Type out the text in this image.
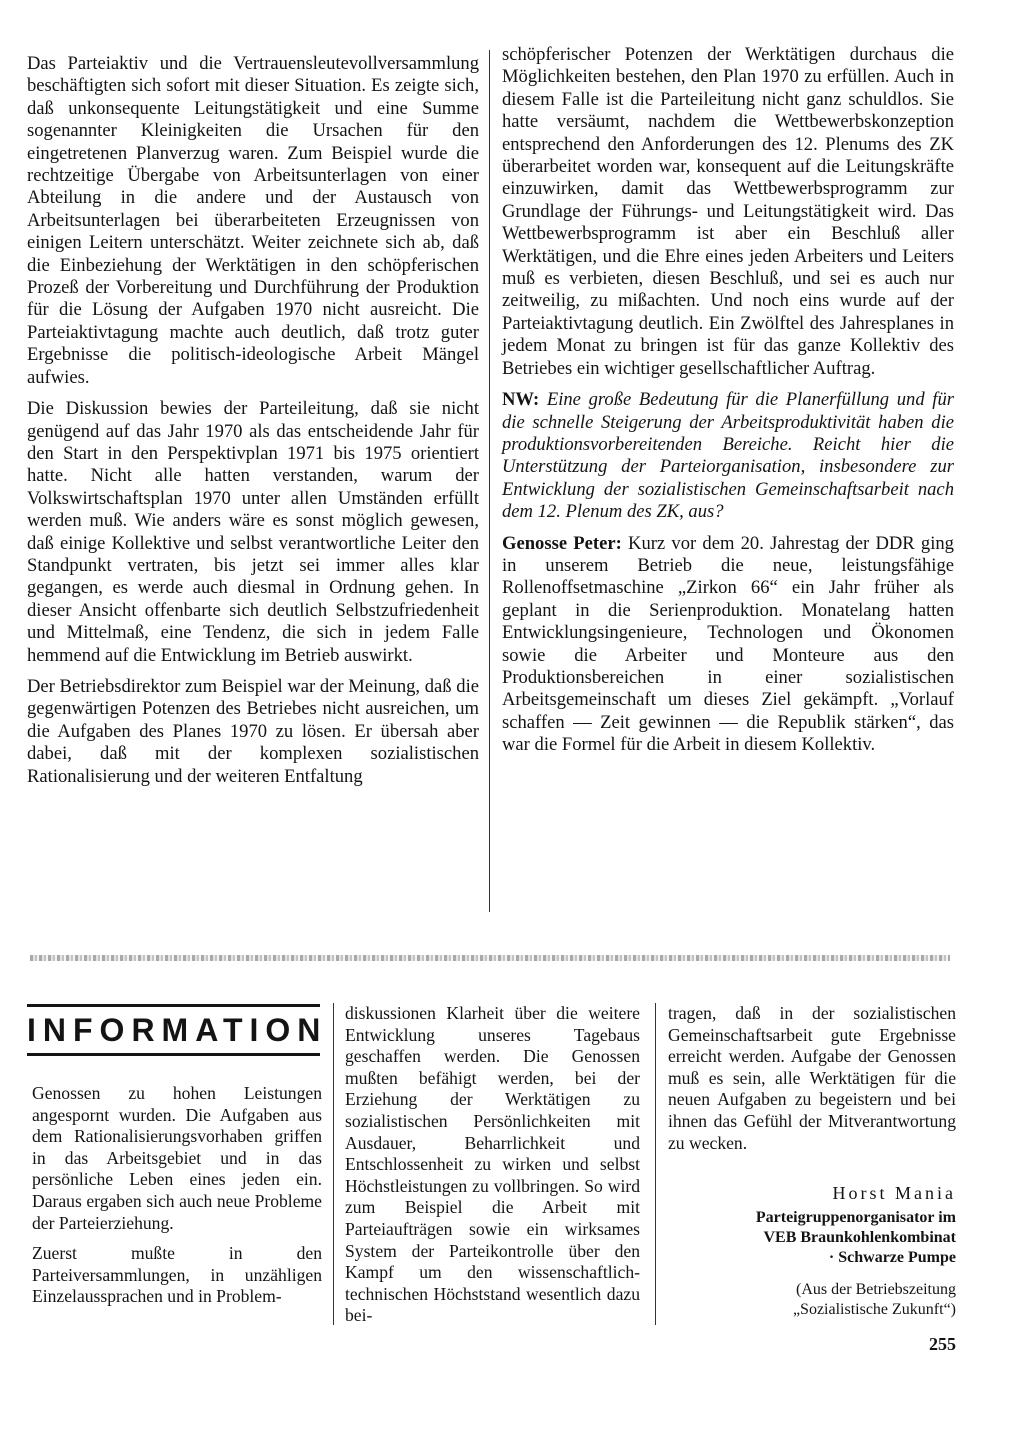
Das Parteiaktiv und die Vertrauensleutevollversammlung beschäftigten sich sofort mit dieser Situation. Es zeigte sich, daß unkonsequente Leitungstätigkeit und eine Summe sogenannter Kleinigkeiten die Ursachen für den eingetretenen Planverzug waren. Zum Beispiel wurde die rechtzeitige Übergabe von Arbeitsunterlagen von einer Abteilung in die andere und der Austausch von Arbeitsunterlagen bei überarbeiteten Erzeugnissen von einigen Leitern unterschätzt. Weiter zeichnete sich ab, daß die Einbeziehung der Werktätigen in den schöpferischen Prozeß der Vorbereitung und Durchführung der Produktion für die Lösung der Aufgaben 1970 nicht ausreicht. Die Parteiaktivtagung machte auch deutlich, daß trotz guter Ergebnisse die politisch-ideologische Arbeit Mängel aufwies.

Die Diskussion bewies der Parteileitung, daß sie nicht genügend auf das Jahr 1970 als das entscheidende Jahr für den Start in den Perspektivplan 1971 bis 1975 orientiert hatte. Nicht alle hatten verstanden, warum der Volkswirtschaftsplan 1970 unter allen Umständen erfüllt werden muß. Wie anders wäre es sonst möglich gewesen, daß einige Kollektive und selbst verantwortliche Leiter den Standpunkt vertraten, bis jetzt sei immer alles klar gegangen, es werde auch diesmal in Ordnung gehen. In dieser Ansicht offenbarte sich deutlich Selbstzufriedenheit und Mittelmaß, eine Tendenz, die sich in jedem Falle hemmend auf die Entwicklung im Betrieb auswirkt.

Der Betriebsdirektor zum Beispiel war der Meinung, daß die gegenwärtigen Potenzen des Betriebes nicht ausreichen, um die Aufgaben des Planes 1970 zu lösen. Er übersah aber dabei, daß mit der komplexen sozialistischen Rationalisierung und der weiteren Entfaltung

schöpferischer Potenzen der Werktätigen durchaus die Möglichkeiten bestehen, den Plan 1970 zu erfüllen. Auch in diesem Falle ist die Parteileitung nicht ganz schuldlos. Sie hatte versäumt, nachdem die Wettbewerbskonzeption entsprechend den Anforderungen des 12. Plenums des ZK überarbeitet worden war, konsequent auf die Leitungskräfte einzuwirken, damit das Wettbewerbsprogramm zur Grundlage der Führungs- und Leitungstätigkeit wird. Das Wettbewerbsprogramm ist aber ein Beschluß aller Werktätigen, und die Ehre eines jeden Arbeiters und Leiters muß es verbieten, diesen Beschluß, und sei es auch nur zeitweilig, zu mißachten. Und noch eins wurde auf der Parteiaktivtagung deutlich. Ein Zwölftel des Jahresplanes in jedem Monat zu bringen ist für das ganze Kollektiv des Betriebes ein wichtiger gesellschaftlicher Auftrag.

NW: Eine große Bedeutung für die Planerfüllung und für die schnelle Steigerung der Arbeitsproduktivität haben die produktionsvorbereitenden Bereiche. Reicht hier die Unterstützung der Parteiorganisation, insbesondere zur Entwicklung der sozialistischen Gemeinschaftsarbeit nach dem 12. Plenum des ZK, aus?

Genosse Peter: Kurz vor dem 20. Jahrestag der DDR ging in unserem Betrieb die neue, leistungsfähige Rollenoffsetmaschine „Zirkon 66“ ein Jahr früher als geplant in die Serienproduktion. Monatelang hatten Entwicklungsingenieure, Technologen und Ökonomen sowie die Arbeiter und Monteure aus den Produktionsbereichen in einer sozialistischen Arbeitsgemeinschaft um dieses Ziel gekämpft. „Vorlauf schaffen — Zeit gewinnen — die Republik stärken“, das war die Formel für die Arbeit in diesem Kollektiv.

INFORMATION

Genossen zu hohen Leistungen angespornt wurden. Die Aufgaben aus dem Rationalisierungsvorhaben griffen in das Arbeitsgebiet und in das persönliche Leben eines jeden ein. Daraus ergaben sich auch neue Probleme der Parteierziehung.

Zuerst mußte in den Parteiversammlungen, in unzähligen Einzelaussprachen und in Problem-

diskussionen Klarheit über die weitere Entwicklung unseres Tagebaus geschaffen werden. Die Genossen mußten befähigt werden, bei der Erziehung der Werktätigen zu sozialistischen Persönlichkeiten mit Ausdauer, Beharrlichkeit und Entschlossenheit zu wirken und selbst Höchstleistungen zu vollbringen. So wird zum Beispiel die Arbeit mit Parteiaufträgen sowie ein wirksames System der Parteikontrolle über den Kampf um den wissenschaftlich-technischen Höchststand wesentlich dazu bei-

tragen, daß in der sozialistischen Gemeinschaftsarbeit gute Ergebnisse erreicht werden. Aufgabe der Genossen muß es sein, alle Werktätigen für die neuen Aufgaben zu begeistern und bei ihnen das Gefühl der Mitverantwortung zu wecken.

Horst Mania
Parteigruppenorganisator im
VEB Braunkohlenkombinat
· Schwarze Pumpe
(Aus der Betriebszeitung
„Sozialistische Zukunft“)
255
